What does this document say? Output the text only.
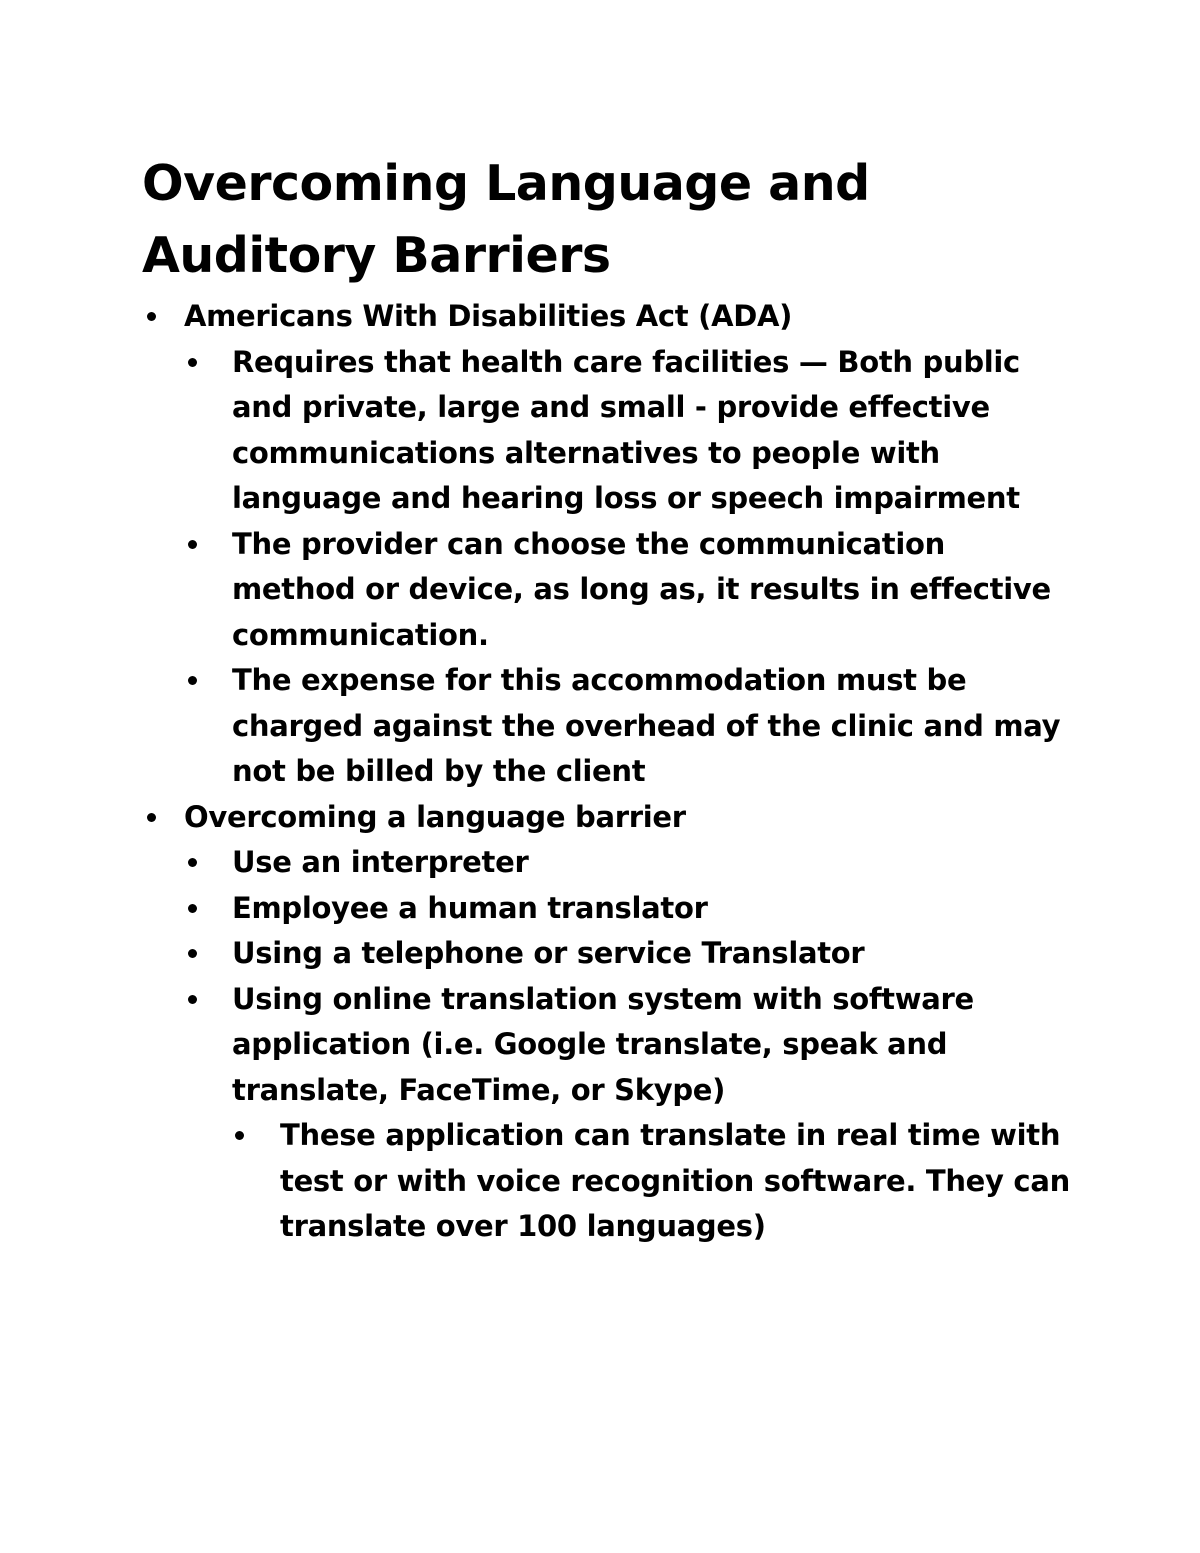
Overcoming Language and Auditory Barriers
Americans With Disabilities Act (ADA)
Requires that health care facilities — Both public and private, large and small - provide effective communications alternatives to people with language and hearing loss or speech impairment
The provider can choose the communication method or device, as long as, it results in effective communication.
The expense for this accommodation must be charged against the overhead of the clinic and may not be billed by the client
Overcoming a language barrier
Use an interpreter
Employee a human translator
Using a telephone or service Translator
Using online translation system with software application (i.e. Google translate, speak and translate, FaceTime, or Skype)
These application can translate in real time with test or with voice recognition software. They can translate over 100 languages)
